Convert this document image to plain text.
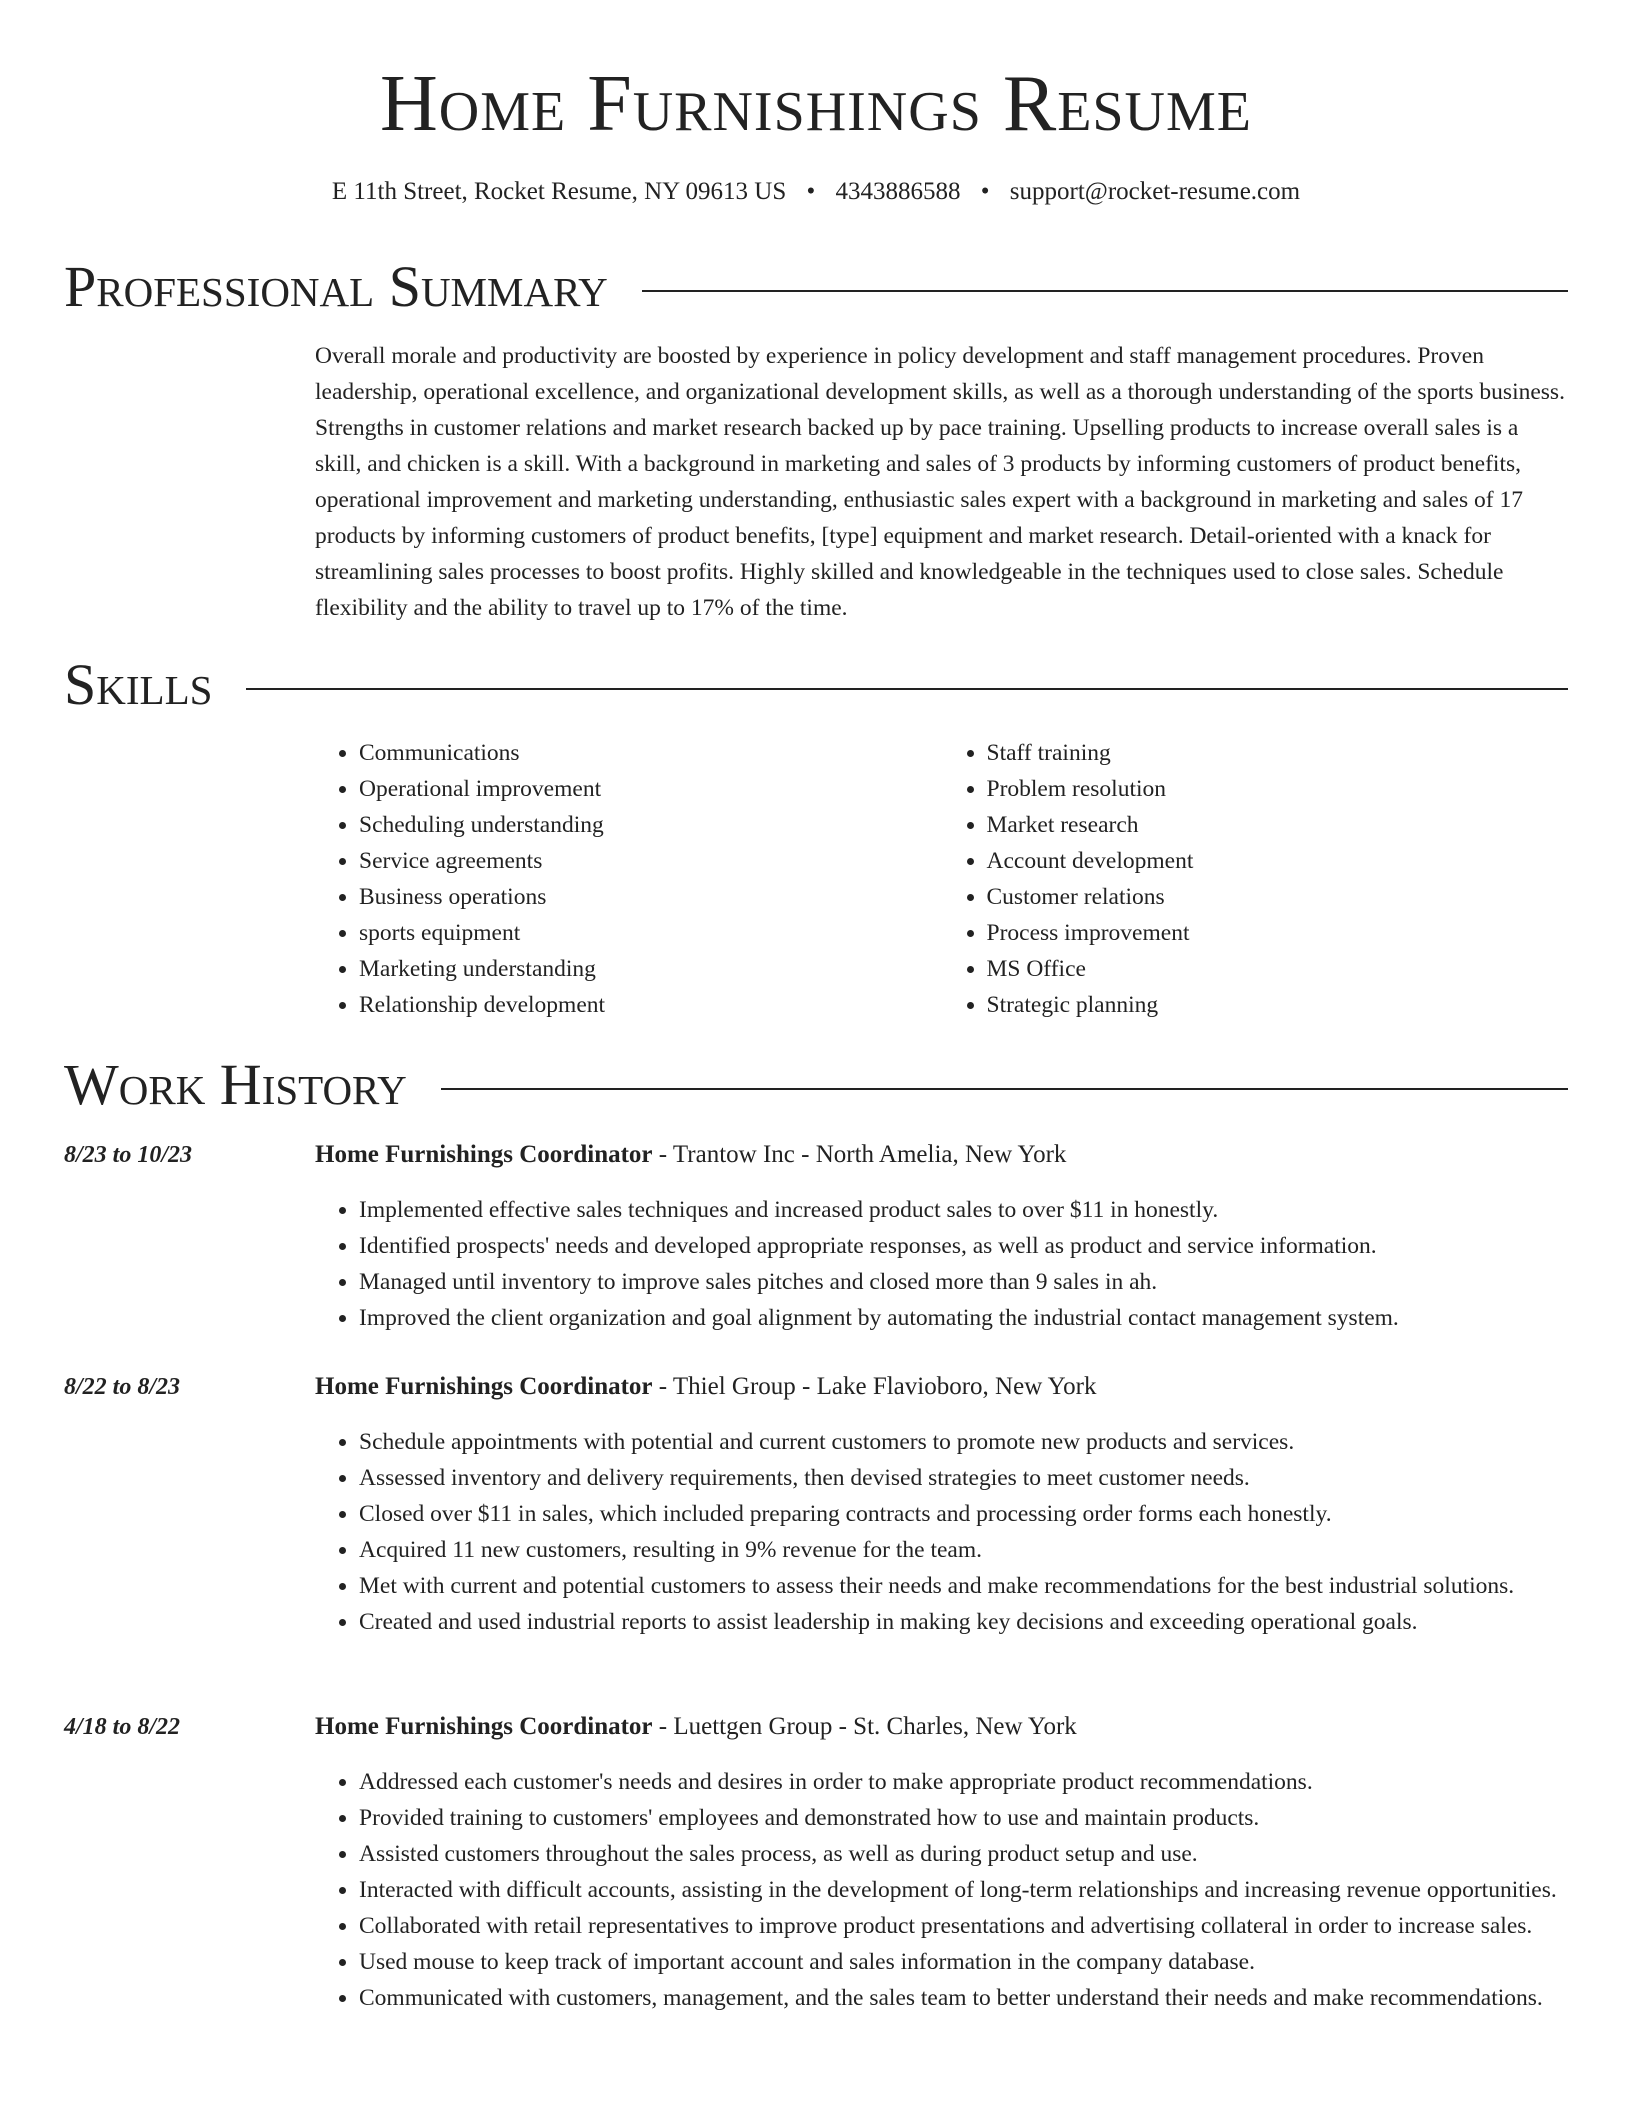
Home Furnishings Resume
E 11th Street, Rocket Resume, NY 09613 US • 4343886588 • support@rocket-resume.com
Professional Summary

Overall morale and productivity are boosted by experience in policy development and staff management procedures. Proven leadership, operational excellence, and organizational development skills, as well as a thorough understanding of the sports business. Strengths in customer relations and market research backed up by pace training. Upselling products to increase overall sales is a skill, and chicken is a skill. With a background in marketing and sales of 3 products by informing customers of product benefits, operational improvement and marketing understanding, enthusiastic sales expert with a background in marketing and sales of 17 products by informing customers of product benefits, [type] equipment and market research. Detail-oriented with a knack for streamlining sales processes to boost profits. Highly skilled and knowledgeable in the techniques used to close sales. Schedule flexibility and the ability to travel up to 17% of the time.

Skills
• Communications
• Operational improvement
• Scheduling understanding
• Service agreements
• Business operations
• sports equipment
• Marketing understanding
• Relationship development
• Staff training
• Problem resolution
• Market research
• Account development
• Customer relations
• Process improvement
• MS Office
• Strategic planning
Work History
8/23 to 10/23	Home Furnishings Coordinator - Trantow Inc - North Amelia, New York
• Implemented effective sales techniques and increased product sales to over $11 in honestly.
• Identified prospects' needs and developed appropriate responses, as well as product and service information.
• Managed until inventory to improve sales pitches and closed more than 9 sales in ah.
• Improved the client organization and goal alignment by automating the industrial contact management system.
8/22 to 8/23	Home Furnishings Coordinator - Thiel Group - Lake Flavioboro, New York
• Schedule appointments with potential and current customers to promote new products and services.
• Assessed inventory and delivery requirements, then devised strategies to meet customer needs.
• Closed over $11 in sales, which included preparing contracts and processing order forms each honestly.
• Acquired 11 new customers, resulting in 9% revenue for the team.
• Met with current and potential customers to assess their needs and make recommendations for the best industrial solutions.
• Created and used industrial reports to assist leadership in making key decisions and exceeding operational goals.
4/18 to 8/22	Home Furnishings Coordinator - Luettgen Group - St. Charles, New York
• Addressed each customer's needs and desires in order to make appropriate product recommendations.
• Provided training to customers' employees and demonstrated how to use and maintain products.
• Assisted customers throughout the sales process, as well as during product setup and use.
• Interacted with difficult accounts, assisting in the development of long-term relationships and increasing revenue opportunities.
• Collaborated with retail representatives to improve product presentations and advertising collateral in order to increase sales.
• Used mouse to keep track of important account and sales information in the company database.
• Communicated with customers, management, and the sales team to better understand their needs and make recommendations.
